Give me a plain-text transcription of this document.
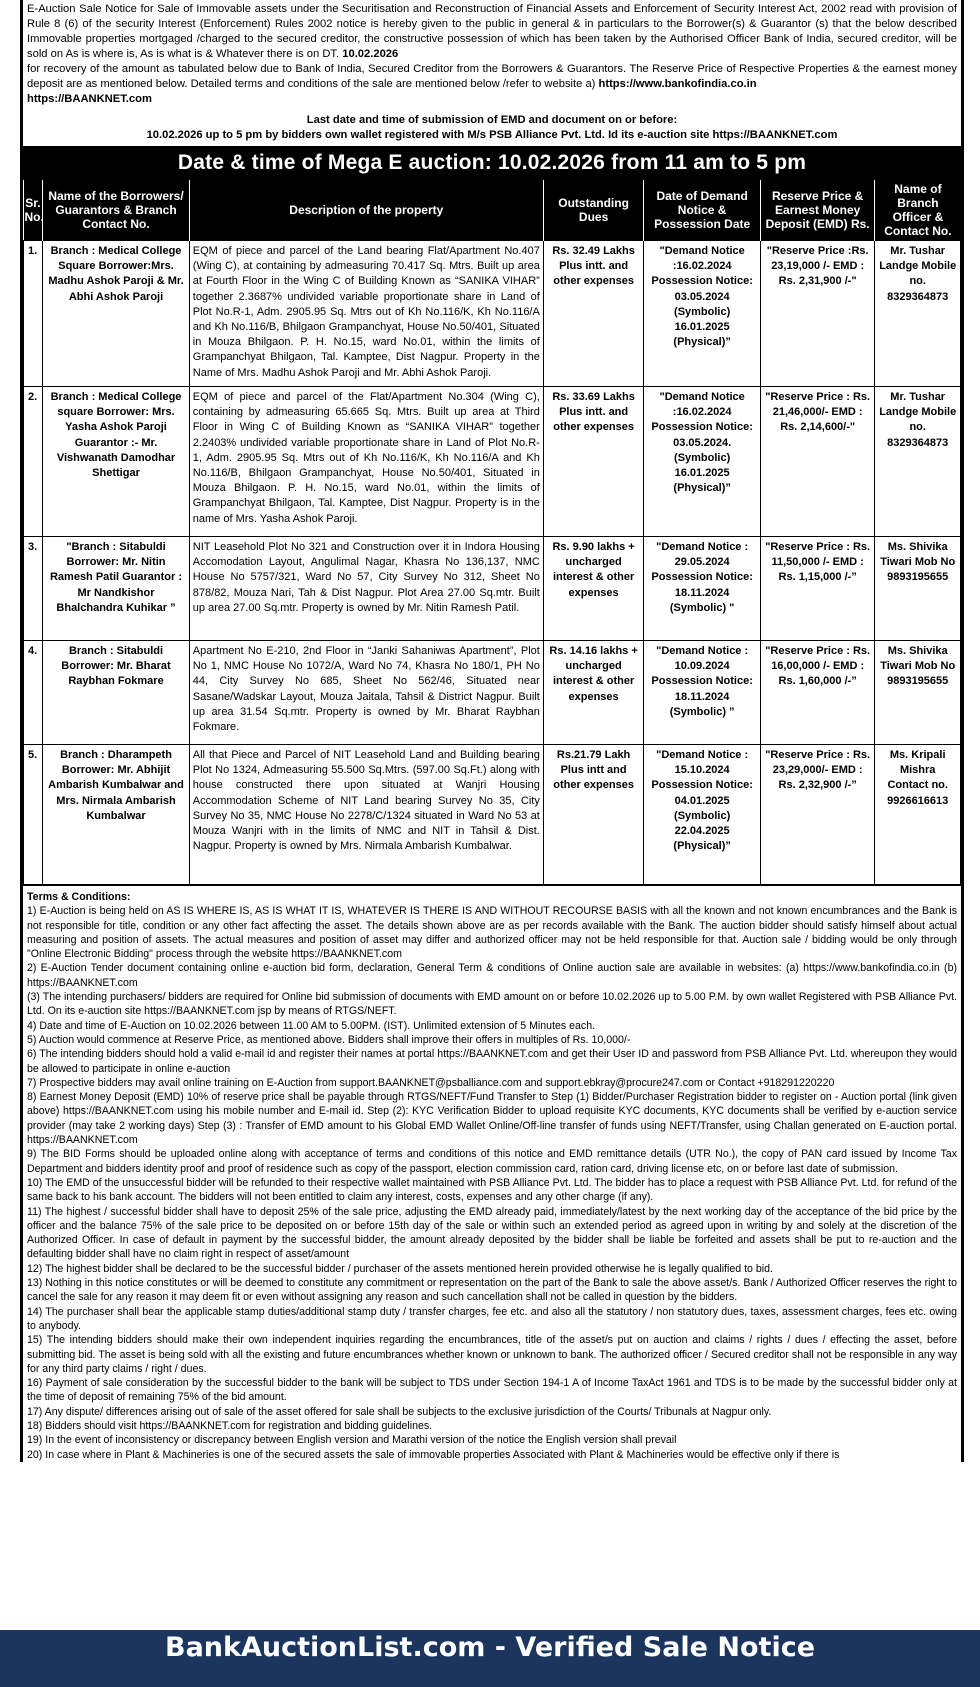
E-Auction Sale Notice for Sale of Immovable assets under the Securitisation and Reconstruction of Financial Assets and Enforcement of Security Interest Act, 2002 read with provision of Rule 8 (6) of the security Interest (Enforcement) Rules 2002 notice is hereby given to the public in general & in particulars to the Borrower(s) & Guarantor (s) that the below described Immovable properties mortgaged /charged to the secured creditor, the constructive possession of which has been taken by the Authorised Officer Bank of India, secured creditor, will be sold on As is where is, As is what is & Whatever there is on DT. 10.02.2026
for recovery of the amount as tabulated below due to Bank of India, Secured Creditor from the Borrowers & Guarantors. The Reserve Price of Respective Properties & the earnest money deposit are as mentioned below. Detailed terms and conditions of the sale are mentioned below /refer to website a) https://www.bankofindia.co.in
https://BAANKNET.com
Last date and time of submission of EMD and document on or before:
10.02.2026 up to 5 pm by bidders own wallet registered with M/s PSB Alliance Pvt. Ltd. Id its e-auction site https://BAANKNET.com
Date & time of Mega E auction: 10.02.2026 from 11 am to 5 pm
Sr. No.	Name of the Borrowers/ Guarantors & Branch Contact No.	Description of the property	Outstanding Dues	Date of Demand Notice & Possession Date	Reserve Price & Earnest Money Deposit (EMD) Rs.	Name of Branch Officer & Contact No.
1.	Branch : Medical College Square Borrower:Mrs. Madhu Ashok Paroji & Mr. Abhi Ashok Paroji	EQM of piece and parcel of the Land bearing Flat/Apartment No.407 (Wing C), at containing by admeasuring 70.417 Sq. Mtrs. Built up area at Fourth Floor in the Wing C of Building Known as “SANIKA VIHAR” together 2.3687% undivided variable proportionate share in Land of Plot No.R-1, Adm. 2905.95 Sq. Mtrs out of Kh No.116/K, Kh No.116/A and Kh No.116/B, Bhilgaon Grampanchyat, House No.50/401, Situated in Mouza Bhilgaon. P. H. No.15, ward No.01, within the limits of Grampanchyat Bhilgaon, Tal. Kamptee, Dist Nagpur. Property in the Name of Mrs. Madhu Ashok Paroji and Mr. Abhi Ashok Paroji.	Rs. 32.49 Lakhs Plus intt. and other expenses	"Demand Notice :16.02.2024 Possession Notice: 03.05.2024 (Symbolic) 16.01.2025 (Physical)”	"Reserve Price :Rs. 23,19,000 /- EMD : Rs. 2,31,900 /-"	Mr. Tushar Landge Mobile no. 8329364873
2.	Branch : Medical College square Borrower: Mrs. Yasha Ashok Paroji Guarantor :- Mr. Vishwanath Damodhar Shettigar	EQM of piece and parcel of the Flat/Apartment No.304 (Wing C), containing by admeasuring 65.665 Sq. Mtrs. Built up area at Third Floor in Wing C of Building Known as “SANIKA VIHAR” together 2.2403% undivided variable proportionate share in Land of Plot No.R-1, Adm. 2905.95 Sq. Mtrs out of Kh No.116/K, Kh No.116/A and Kh No.116/B, Bhilgaon Grampanchyat, House No.50/401, Situated in Mouza Bhilgaon. P. H. No.15, ward No.01, within the limits of Grampanchyat Bhilgaon, Tal. Kamptee, Dist Nagpur. Property is in the name of Mrs. Yasha Ashok Paroji.	Rs. 33.69 Lakhs Plus intt. and other expenses	"Demand Notice :16.02.2024 Possession Notice: 03.05.2024. (Symbolic) 16.01.2025 (Physical)”	"Reserve Price : Rs. 21,46,000/- EMD : Rs. 2,14,600/-"	Mr. Tushar Landge Mobile no. 8329364873
3.	"Branch : Sitabuldi Borrower: Mr. Nitin Ramesh Patil Guarantor : Mr Nandkishor Bhalchandra Kuhikar ”	NIT Leasehold Plot No 321 and Construction over it in Indora Housing Accomodation Layout, Angulimal Nagar, Khasra No 136,137, NMC House No 5757/321, Ward No 57, City Survey No 312, Sheet No 878/82, Mouza Nari, Tah & Dist Nagpur. Plot Area 27.00 Sq.mtr. Built up area 27.00 Sq.mtr. Property is owned by Mr. Nitin Ramesh Patil.	Rs. 9.90 lakhs + uncharged interest & other expenses	"Demand Notice : 29.05.2024 Possession Notice: 18.11.2024 (Symbolic) "	"Reserve Price : Rs. 11,50,000 /- EMD : Rs. 1,15,000 /-”	Ms. Shivika Tiwari Mob No 9893195655
4.	Branch : Sitabuldi Borrower: Mr. Bharat Raybhan Fokmare	Apartment No E-210, 2nd Floor in “Janki Sahaniwas Apartment”, Plot No 1, NMC House No 1072/A, Ward No 74, Khasra No 180/1, PH No 44, City Survey No 685, Sheet No 562/46, Situated near Sasane/Wadskar Layout, Mouza Jaitala, Tahsil & District Nagpur. Built up area 31.54 Sq.mtr. Property is owned by Mr. Bharat Raybhan Fokmare.	Rs. 14.16 lakhs + uncharged interest & other expenses	"Demand Notice : 10.09.2024 Possession Notice: 18.11.2024 (Symbolic) ”	"Reserve Price : Rs. 16,00,000 /- EMD : Rs. 1,60,000 /-”	Ms. Shivika Tiwari Mob No 9893195655
5.	Branch : Dharampeth Borrower: Mr. Abhijit Ambarish Kumbalwar and Mrs. Nirmala Ambarish Kumbalwar	All that Piece and Parcel of NIT Leasehold Land and Building bearing Plot No 1324, Admeasuring 55.500 Sq.Mtrs. (597.00 Sq.Ft.) along with house constructed there upon situated at Wanjri Housing Accommodation Scheme of NIT Land bearing Survey No 35, City Survey No 35, NMC House No 2278/C/1324 situated in Ward No 53 at Mouza Wanjri with in the limits of NMC and NIT in Tahsil & Dist. Nagpur. Property is owned by Mrs. Nirmala Ambarish Kumbalwar.	Rs.21.79 Lakh Plus intt and other expenses	"Demand Notice : 15.10.2024 Possession Notice: 04.01.2025 (Symbolic) 22.04.2025 (Physical)”	"Reserve Price : Rs. 23,29,000/- EMD : Rs. 2,32,900 /-”	Ms. Kripali Mishra Contact no. 9926616613

Terms & Conditions:

1) E-Auction is being held on AS IS WHERE IS, AS IS WHAT IT IS, WHATEVER IS THERE IS AND WITHOUT RECOURSE BASIS with all the known and not known encumbrances and the Bank is not responsible for title, condition or any other fact affecting the asset. The details shown above are as per records available with the Bank. The auction bidder should satisfy himself about actual measuring and position of assets. The actual measures and position of asset may differ and authorized officer may not be held responsible for that. Auction sale / bidding would be only through "Online Electronic Bidding" process through the website https://BAANKNET.com

2) E-Auction Tender document containing online e-auction bid form, declaration, General Term & conditions of Online auction sale are available in websites: (a) https://www.bankofindia.co.in (b) https://BAANKNET.com

(3) The intending purchasers/ bidders are required for Online bid submission of documents with EMD amount on or before 10.02.2026 up to 5.00 P.M. by own wallet Registered with PSB Alliance Pvt. Ltd. On its e-auction site https://BAANKNET.com jsp by means of RTGS/NEFT.

4) Date and time of E-Auction on 10.02.2026 between 11.00 AM to 5.00PM. (IST). Unlimited extension of 5 Minutes each.

5) Auction would commence at Reserve Price, as mentioned above. Bidders shall improve their offers in multiples of Rs. 10,000/-

6) The intending bidders should hold a valid e-mail id and register their names at portal https://BAANKNET.com and get their User ID and password from PSB Alliance Pvt. Ltd. whereupon they would be allowed to participate in online e-auction

7) Prospective bidders may avail online training on E-Auction from support.BAANKNET@psballiance.com and support.ebkray@procure247.com or Contact +918291220220

8) Earnest Money Deposit (EMD) 10% of reserve price shall be payable through RTGS/NEFT/Fund Transfer to Step (1) Bidder/Purchaser Registration bidder to register on - Auction portal (link given above) https://BAANKNET.com using his mobile number and E-mail id. Step (2): KYC Verification Bidder to upload requisite KYC documents, KYC documents shall be verified by e-auction service provider (may take 2 working days) Step (3) : Transfer of EMD amount to his Global EMD Wallet Online/Off-line transfer of funds using NEFT/Transfer, using Challan generated on E-auction portal. https://BAANKNET.com

9) The BID Forms should be uploaded online along with acceptance of terms and conditions of this notice and EMD remittance details (UTR No.), the copy of PAN card issued by Income Tax Department and bidders identity proof and proof of residence such as copy of the passport, election commission card, ration card, driving license etc, on or before last date of submission.

10) The EMD of the unsuccessful bidder will be refunded to their respective wallet maintained with PSB Alliance Pvt. Ltd. The bidder has to place a request with PSB Alliance Pvt. Ltd. for refund of the same back to his bank account. The bidders will not been entitled to claim any interest, costs, expenses and any other charge (if any).

11) The highest / successful bidder shall have to deposit 25% of the sale price, adjusting the EMD already paid, immediately/latest by the next working day of the acceptance of the bid price by the officer and the balance 75% of the sale price to be deposited on or before 15th day of the sale or within such an extended period as agreed upon in writing by and solely at the discretion of the Authorized Officer. In case of default in payment by the successful bidder, the amount already deposited by the bidder shall be liable be forfeited and assets shall be put to re-auction and the defaulting bidder shall have no claim right in respect of asset/amount

12) The highest bidder shall be declared to be the successful bidder / purchaser of the assets mentioned herein provided otherwise he is legally qualified to bid.

13) Nothing in this notice constitutes or will be deemed to constitute any commitment or representation on the part of the Bank to sale the above asset/s. Bank / Authorized Officer reserves the right to cancel the sale for any reason it may deem fit or even without assigning any reason and such cancellation shall not be called in question by the bidders.

14) The purchaser shall bear the applicable stamp duties/additional stamp duty / transfer charges, fee etc. and also all the statutory / non statutory dues, taxes, assessment charges, fees etc. owing to anybody.

15) The intending bidders should make their own independent inquiries regarding the encumbrances, title of the asset/s put on auction and claims / rights / dues / effecting the asset, before submitting bid. The asset is being sold with all the existing and future encumbrances whether known or unknown to bank. The authorized officer / Secured creditor shall not be responsible in any way for any third party claims / right / dues.

16) Payment of sale consideration by the successful bidder to the bank will be subject to TDS under Section 194-1 A of Income TaxAct 1961 and TDS is to be made by the successful bidder only at the time of deposit of remaining 75% of the bid amount.

17) Any dispute/ differences arising out of sale of the asset offered for sale shall be subjects to the exclusive jurisdiction of the Courts/ Tribunals at Nagpur only.

18) Bidders should visit https://BAANKNET.com for registration and bidding guidelines.

19) In the event of inconsistency or discrepancy between English version and Marathi version of the notice the English version shall prevail

20) In case where in Plant & Machineries is one of the secured assets the sale of immovable properties Associated with Plant & Machineries would be effective only if there is

BankAuctionList.com - Verified Sale Notice
